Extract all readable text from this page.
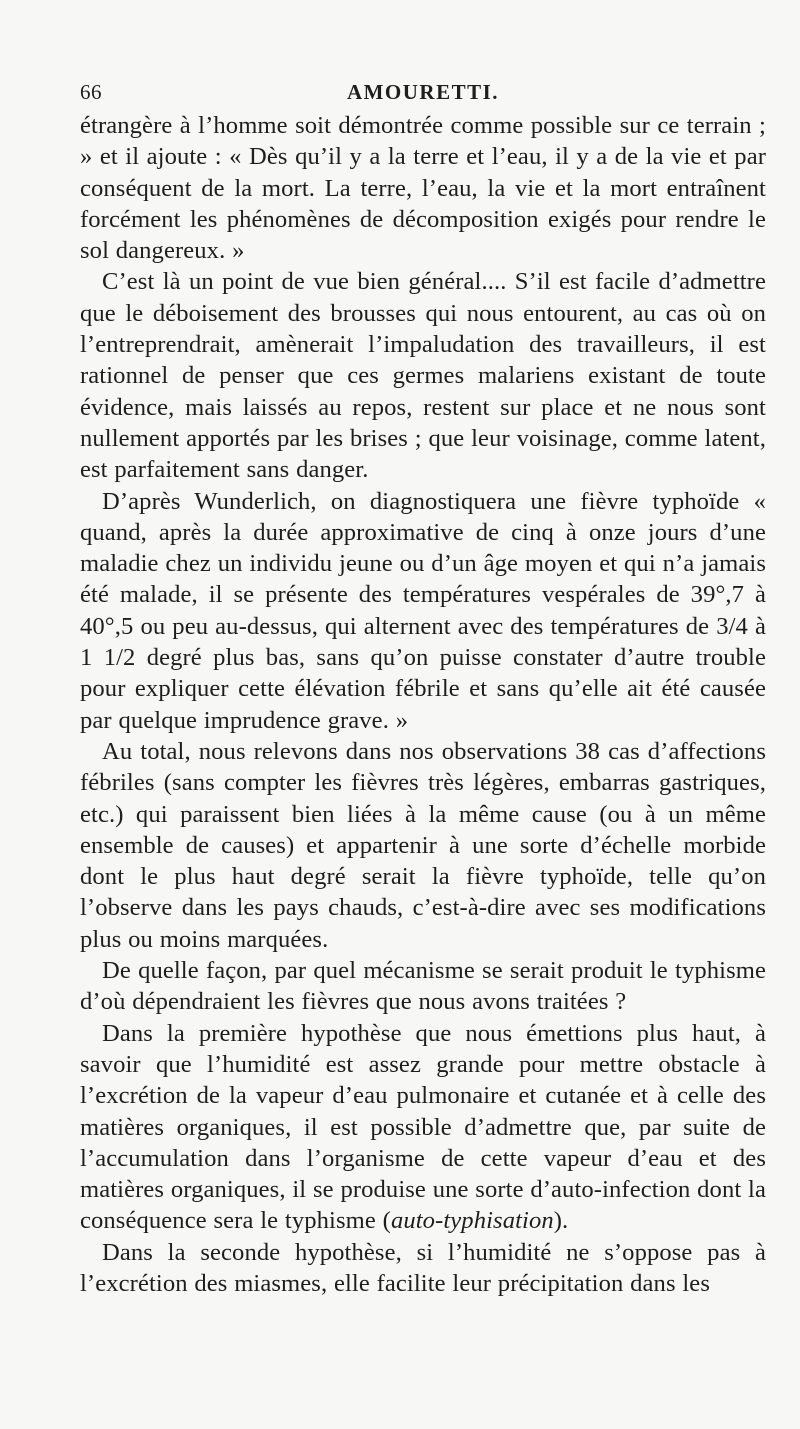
66	AMOURETTI.

étrangère à l’homme soit démontrée comme possible sur ce terrain ; » et il ajoute : « Dès qu’il y a la terre et l’eau, il y a de la vie et par conséquent de la mort. La terre, l’eau, la vie et la mort entraînent forcément les phénomènes de décomposition exigés pour rendre le sol dangereux. »

C’est là un point de vue bien général.... S’il est facile d’admettre que le déboisement des brousses qui nous entourent, au cas où on l’entreprendrait, amènerait l’impaludation des travailleurs, il est rationnel de penser que ces germes malariens existant de toute évidence, mais laissés au repos, restent sur place et ne nous sont nullement apportés par les brises ; que leur voisinage, comme latent, est parfaitement sans danger.

D’après Wunderlich, on diagnostiquera une fièvre typhoïde « quand, après la durée approximative de cinq à onze jours d’une maladie chez un individu jeune ou d’un âge moyen et qui n’a jamais été malade, il se présente des températures vespérales de 39°,7 à 40°,5 ou peu au-dessus, qui alternent avec des températures de 3/4 à 1 1/2 degré plus bas, sans qu’on puisse constater d’autre trouble pour expliquer cette élévation fébrile et sans qu’elle ait été causée par quelque imprudence grave. »

Au total, nous relevons dans nos observations 38 cas d’affections fébriles (sans compter les fièvres très légères, embarras gastriques, etc.) qui paraissent bien liées à la même cause (ou à un même ensemble de causes) et appartenir à une sorte d’échelle morbide dont le plus haut degré serait la fièvre typhoïde, telle qu’on l’observe dans les pays chauds, c’est-à-dire avec ses modifications plus ou moins marquées.

De quelle façon, par quel mécanisme se serait produit le typhisme d’où dépendraient les fièvres que nous avons traitées ?

Dans la première hypothèse que nous émettions plus haut, à savoir que l’humidité est assez grande pour mettre obstacle à l’excrétion de la vapeur d’eau pulmonaire et cutanée et à celle des matières organiques, il est possible d’admettre que, par suite de l’accumulation dans l’organisme de cette vapeur d’eau et des matières organiques, il se produise une sorte d’auto-infection dont la conséquence sera le typhisme (auto-typhisation).

Dans la seconde hypothèse, si l’humidité ne s’oppose pas à l’excrétion des miasmes, elle facilite leur précipitation dans les
